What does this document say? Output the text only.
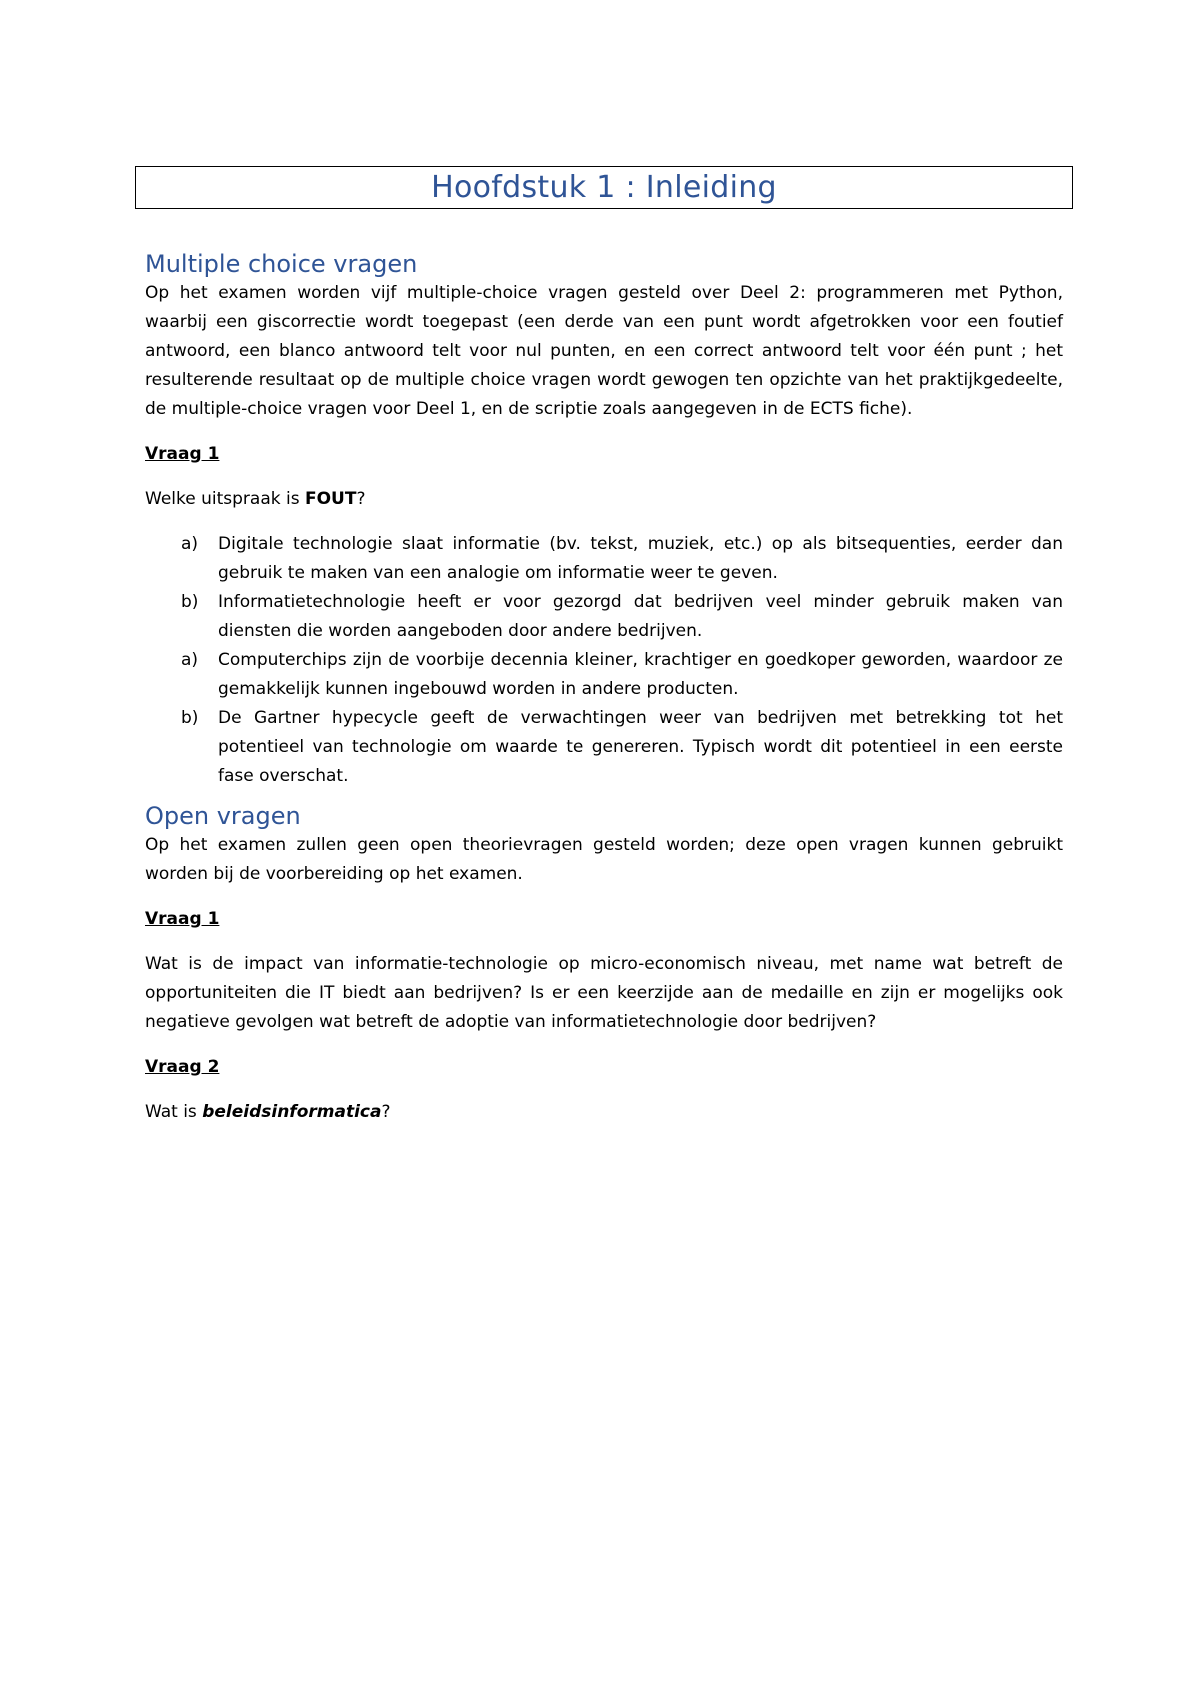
Hoofdstuk 1 : Inleiding
Multiple choice vragen

Op het examen worden vijf multiple-choice vragen gesteld over Deel 2: programmeren met Python, waarbij een giscorrectie wordt toegepast (een derde van een punt wordt afgetrokken voor een foutief antwoord, een blanco antwoord telt voor nul punten, en een correct antwoord telt voor één punt ; het resulterende resultaat op de multiple choice vragen wordt gewogen ten opzichte van het praktijkgedeelte, de multiple-choice vragen voor Deel 1, en de scriptie zoals aangegeven in de ECTS fiche).

Vraag 1

Welke uitspraak is FOUT?

a) Digitale technologie slaat informatie (bv. tekst, muziek, etc.) op als bitsequenties, eerder dan gebruik te maken van een analogie om informatie weer te geven.
b) Informatietechnologie heeft er voor gezorgd dat bedrijven veel minder gebruik maken van diensten die worden aangeboden door andere bedrijven.
a) Computerchips zijn de voorbije decennia kleiner, krachtiger en goedkoper geworden, waardoor ze gemakkelijk kunnen ingebouwd worden in andere producten.
b) De Gartner hypecycle geeft de verwachtingen weer van bedrijven met betrekking tot het potentieel van technologie om waarde te genereren. Typisch wordt dit potentieel in een eerste fase overschat.
Open vragen

Op het examen zullen geen open theorievragen gesteld worden; deze open vragen kunnen gebruikt worden bij de voorbereiding op het examen.

Vraag 1

Wat is de impact van informatie-technologie op micro-economisch niveau, met name wat betreft de opportuniteiten die IT biedt aan bedrijven? Is er een keerzijde aan de medaille en zijn er mogelijks ook negatieve gevolgen wat betreft de adoptie van informatietechnologie door bedrijven?

Vraag 2

Wat is beleidsinformatica?
